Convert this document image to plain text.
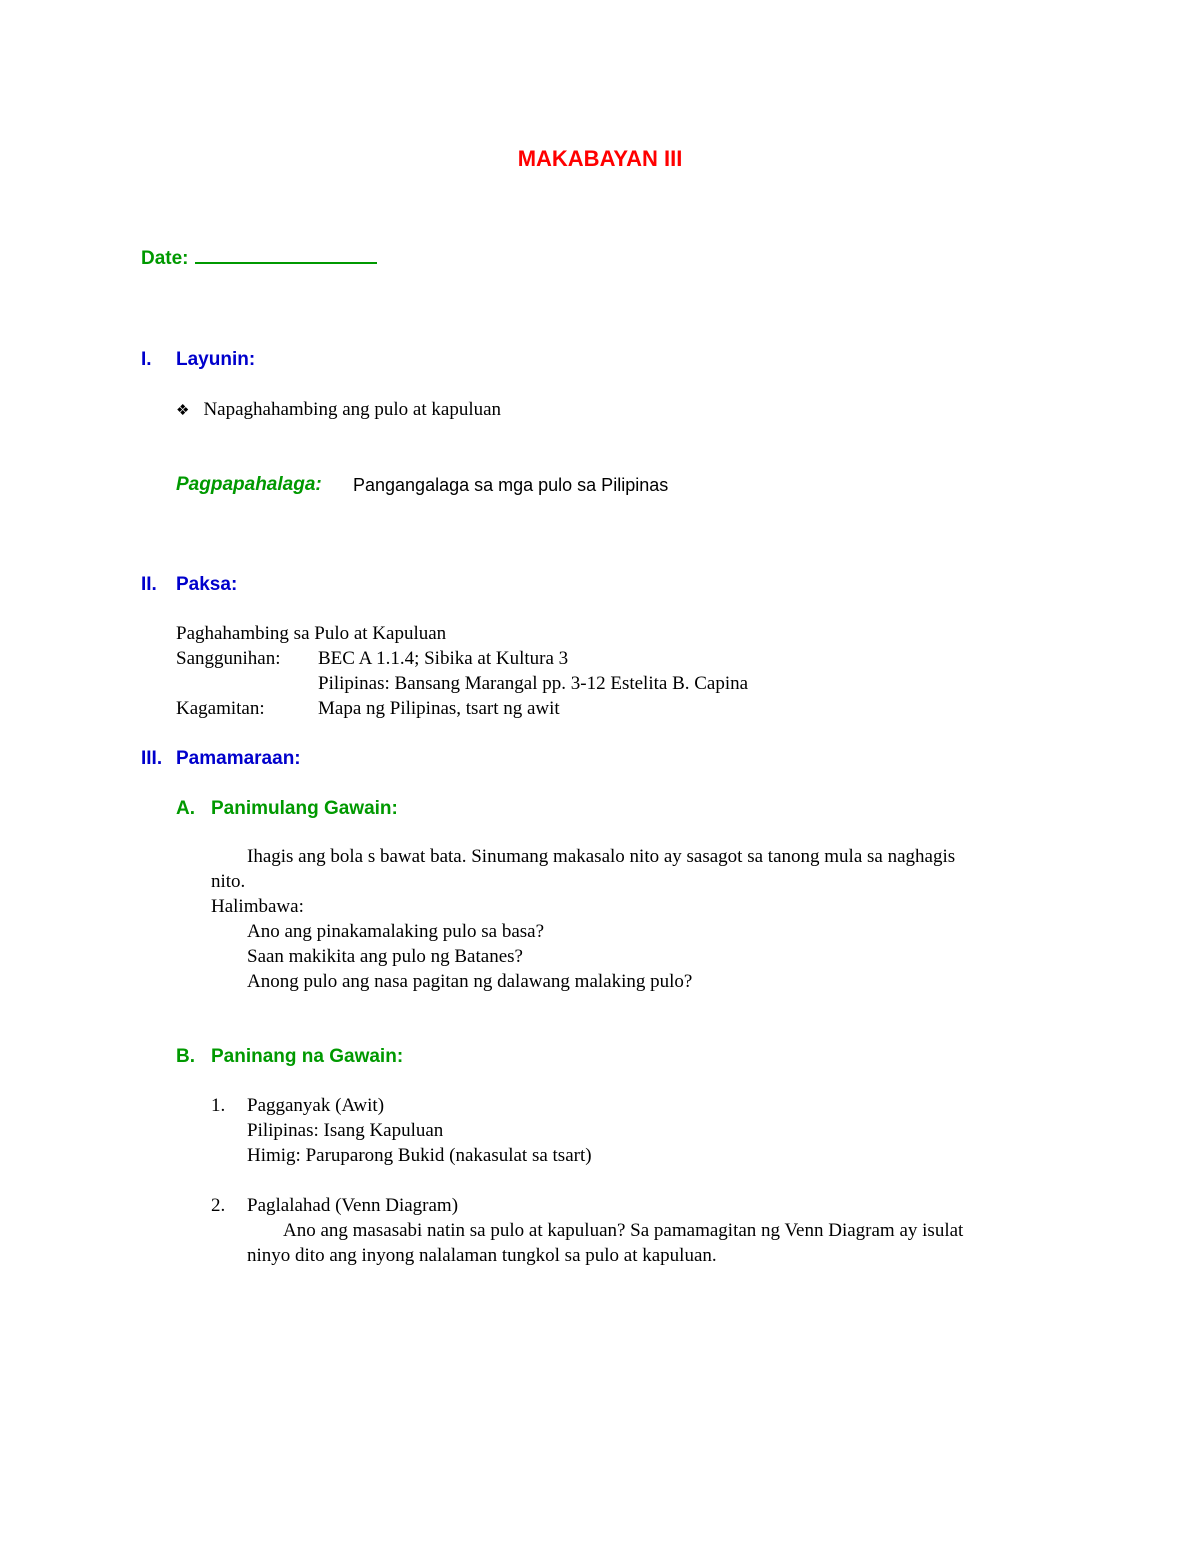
MAKABAYAN III
Date:
I. Layunin:
❖ Napaghahambing ang pulo at kapuluan
Pagpapahalaga: Pangangalaga sa mga pulo sa Pilipinas
II. Paksa:
Paghahambing sa Pulo at Kapuluan
Sanggunihan: BEC A 1.1.4; Sibika at Kultura 3
Pilipinas: Bansang Marangal pp. 3-12 Estelita B. Capina
Kagamitan:	Mapa ng Pilipinas, tsart ng awit
III. Pamamaraan:
A. Panimulang Gawain:
Ihagis ang bola s bawat bata. Sinumang makasalo nito ay sasagot sa tanong mula sa naghagis
nito.
Halimbawa:
Ano ang pinakamalaking pulo sa basa?
Saan makikita ang pulo ng Batanes?
Anong pulo ang nasa pagitan ng dalawang malaking pulo?
B. Paninang na Gawain:
1. Pagganyak (Awit)
Pilipinas: Isang Kapuluan
Himig: Paruparong Bukid (nakasulat sa tsart)
2. Paglalahad (Venn Diagram)
Ano ang masasabi natin sa pulo at kapuluan? Sa pamamagitan ng Venn Diagram ay isulat
ninyo dito ang inyong nalalaman tungkol sa pulo at kapuluan.
